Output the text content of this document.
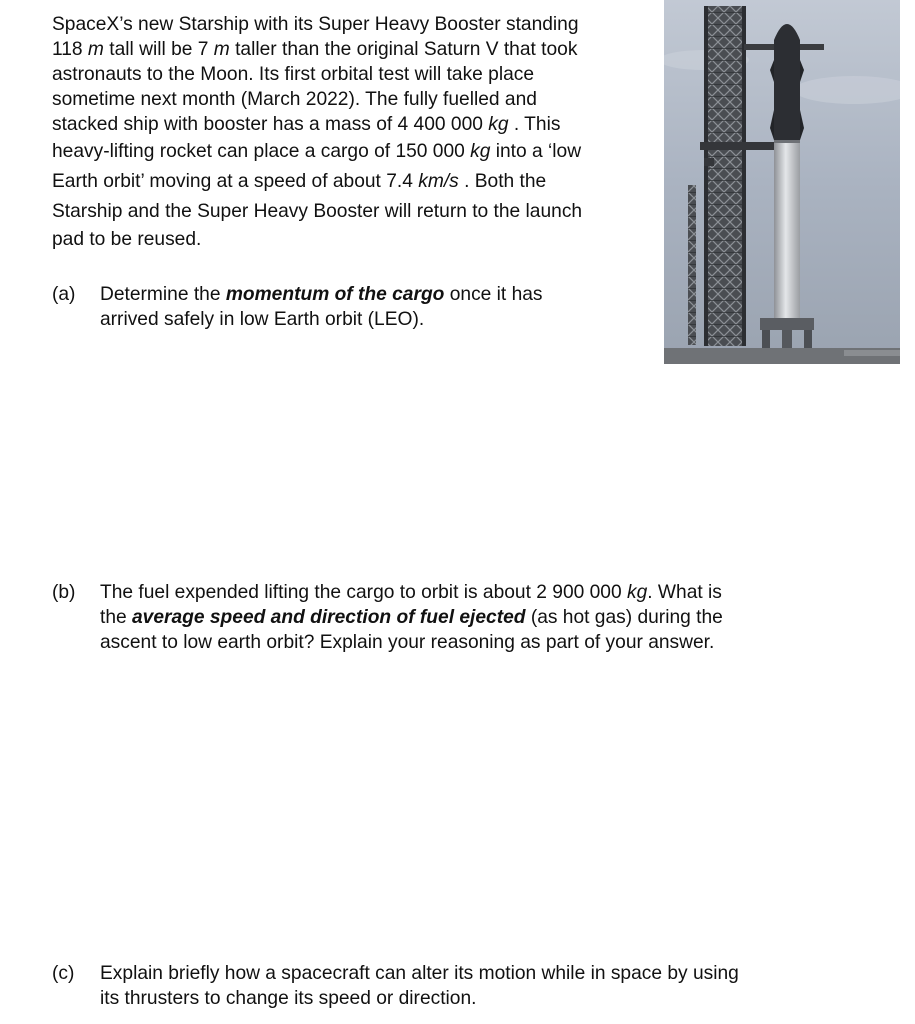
SpaceX’s new Starship with its Super Heavy Booster standing
118 m tall will be 7 m taller than the original Saturn V that took
astronauts to the Moon. Its first orbital test will take place
sometime next month (March 2022). The fully fuelled and
stacked ship with booster has a mass of 4 400 000 kg . This
heavy-lifting rocket can place a cargo of 150 000 kg into a ‘low
Earth orbit’ moving at a speed of about 7.4 km/s . Both the
Starship and the Super Heavy Booster will return to the launch
pad to be reused.
(a) Determine the momentum of the cargo once it has
arrived safely in low Earth orbit (LEO).
(b) The fuel expended lifting the cargo to orbit is about 2 900 000 kg. What is
the average speed and direction of fuel ejected (as hot gas) during the
ascent to low earth orbit? Explain your reasoning as part of your answer.
(c) Explain briefly how a spacecraft can alter its motion while in space by using
its thrusters to change its speed or direction.
